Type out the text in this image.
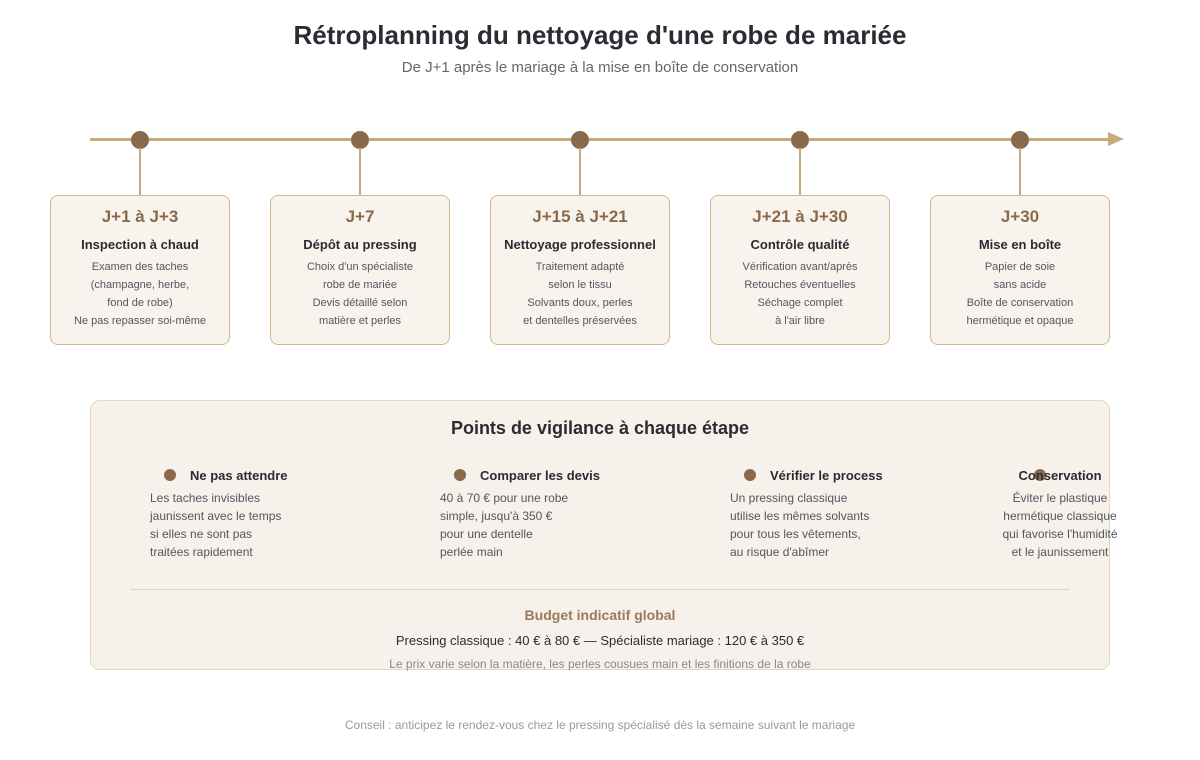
Rétroplanning du nettoyage d'une robe de mariée
De J+1 après le mariage à la mise en boîte de conservation
J+1 à J+3
Inspection à chaud
Examen des taches
(champagne, herbe,
fond de robe)
Ne pas repasser soi-même
J+7
Dépôt au pressing
Choix d'un spécialiste
robe de mariée
Devis détaillé selon
matière et perles
J+15 à J+21
Nettoyage professionnel
Traitement adapté
selon le tissu
Solvants doux, perles
et dentelles préservées
J+21 à J+30
Contrôle qualité
Vérification avant/après
Retouches éventuelles
Séchage complet
à l'air libre
J+30
Mise en boîte
Papier de soie
sans acide
Boîte de conservation
hermétique et opaque
Points de vigilance à chaque étape
Ne pas attendre
Les taches invisibles
jaunissent avec le temps
si elles ne sont pas
traitées rapidement
Comparer les devis
40 à 70 € pour une robe
simple, jusqu'à 350 €
pour une dentelle
perlée main
Vérifier le process
Un pressing classique
utilise les mêmes solvants
pour tous les vêtements,
au risque d'abîmer
Conservation
Éviter le plastique
hermétique classique
qui favorise l'humidité
et le jaunissement
Budget indicatif global
Pressing classique : 40 € à 80 € — Spécialiste mariage : 120 € à 350 €
Le prix varie selon la matière, les perles cousues main et les finitions de la robe
Conseil : anticipez le rendez-vous chez le pressing spécialisé dès la semaine suivant le mariage
